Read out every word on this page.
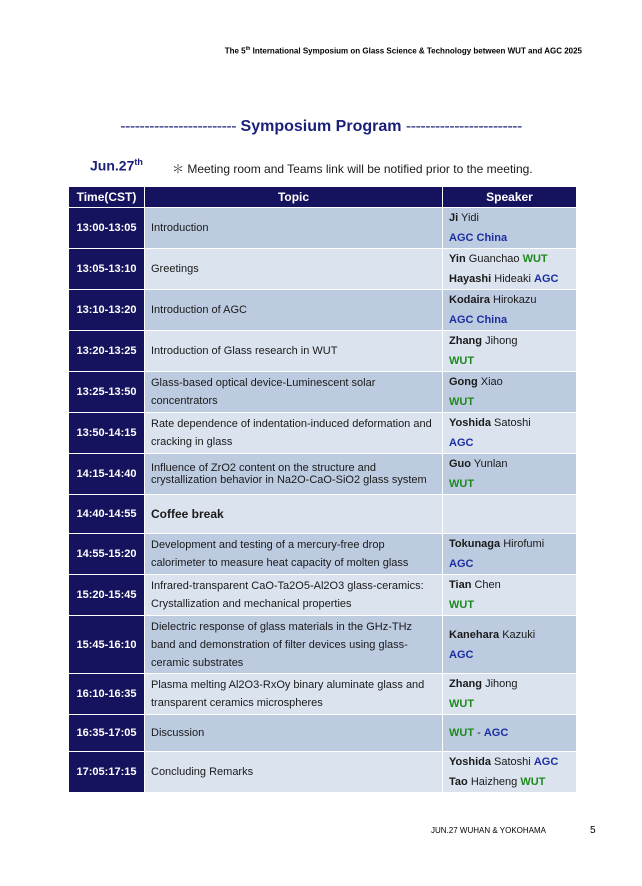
The 5th International Symposium on Glass Science & Technology between WUT and AGC 2025
------------------------ Symposium Program ------------------------
Jun.27th ＊ Meeting room and Teams link will be notified prior to the meeting.
Time(CST)	Topic	Speaker
13:00-13:05	Introduction	Ji Yidi
AGC China

13:05-13:10	Greetings	Yin Guanchao WUT
Hayashi Hideaki AGC

13:10-13:20	Introduction of AGC	Kodaira Hirokazu
AGC China

13:20-13:25	Introduction of Glass research in WUT	Zhang Jihong
WUT

13:25-13:50	Glass-based optical device-Luminescent solar concentrators	Gong Xiao
WUT

13:50-14:15	Rate dependence of indentation-induced deformation and cracking in glass	Yoshida Satoshi
AGC

14:15-14:40	Influence of ZrO2 content on the structure and crystallization behavior in Na2O-CaO-SiO2 glass system	Guo Yunlan
WUT

14:40-14:55	Coffee break	
14:55-15:20	Development and testing of a mercury-free drop calorimeter to measure heat capacity of molten glass	Tokunaga Hirofumi
AGC

15:20-15:45	Infrared-transparent CaO-Ta2O5-Al2O3 glass-ceramics: Crystallization and mechanical properties	Tian Chen
WUT

15:45-16:10	Dielectric response of glass materials in the GHz-THz band and demonstration of filter devices using glass-ceramic substrates	Kanehara Kazuki
AGC

16:10-16:35	Plasma melting Al2O3-RxOy binary aluminate glass and transparent ceramics microspheres	Zhang Jihong
WUT

16:35-17:05	Discussion	WUT - AGC

17:05:17:15	Concluding Remarks	Yoshida Satoshi AGC
Tao Haizheng WUT
JUN.27 WUHAN & YOKOHAMA	5
